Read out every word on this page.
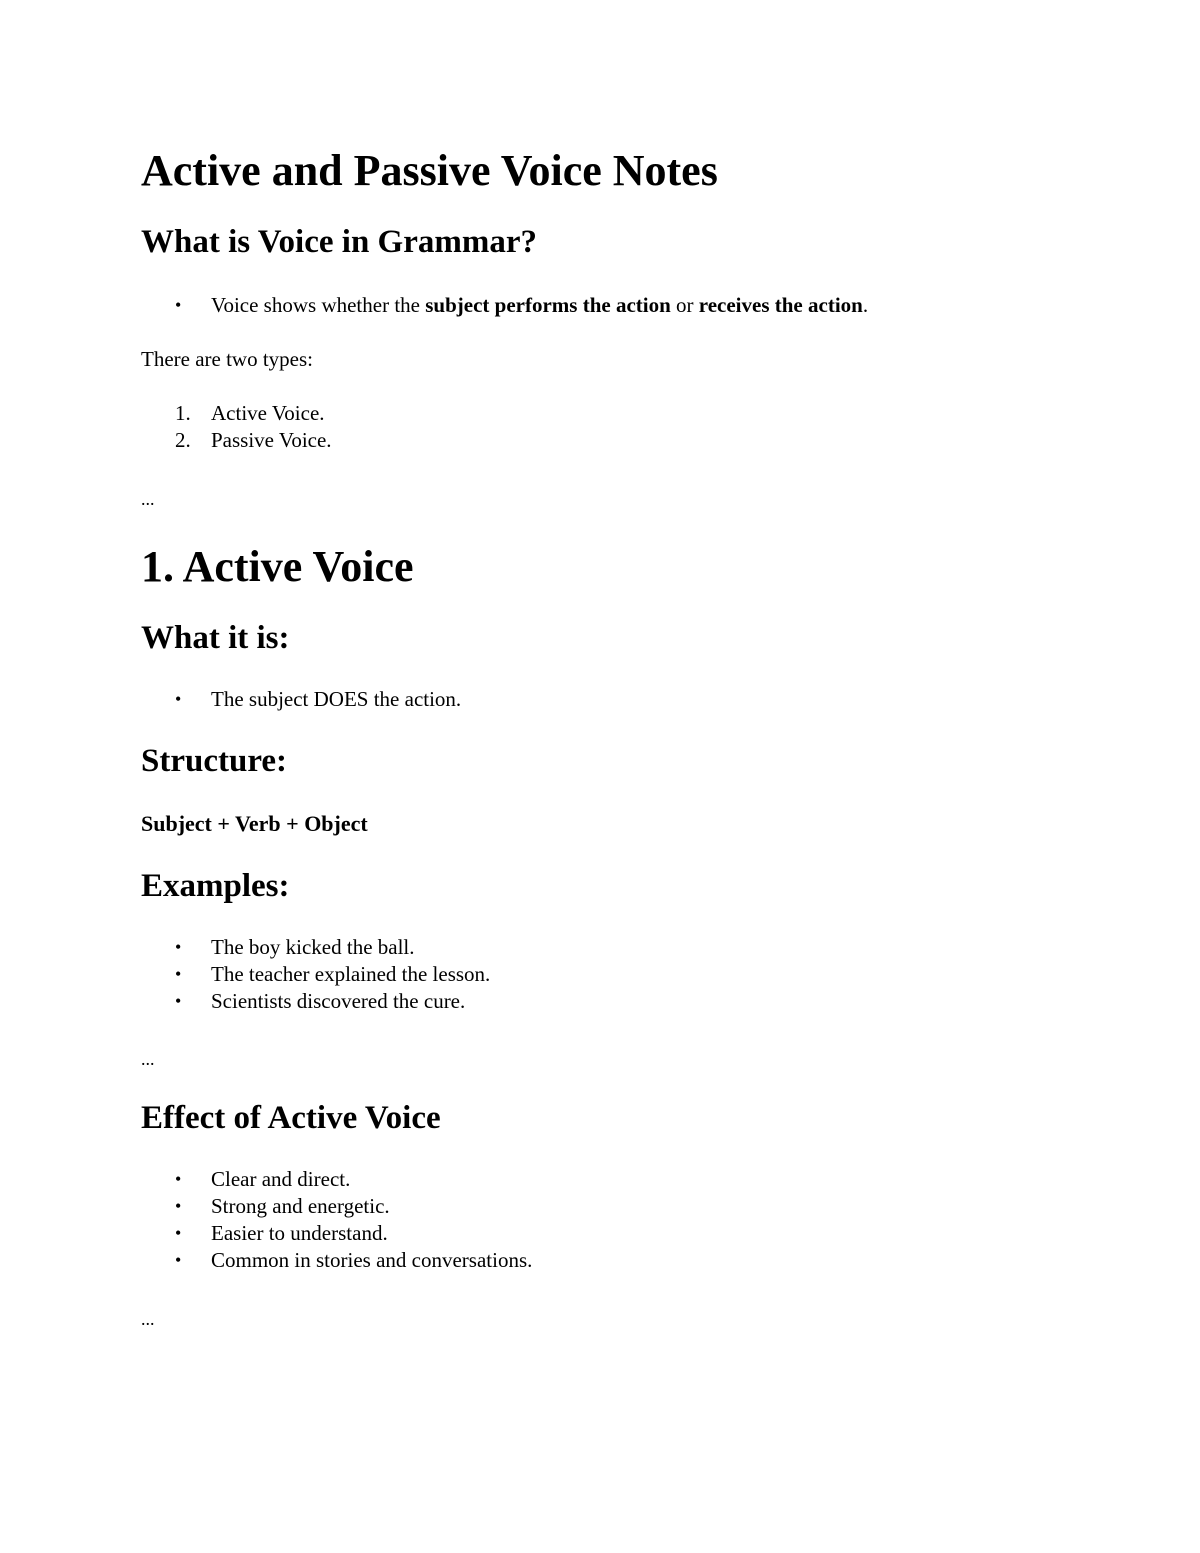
Active and Passive Voice Notes
What is Voice in Grammar?
• Voice shows whether the subject performs the action or receives the action.
There are two types:
1. Active Voice.
2. Passive Voice.
...
1. Active Voice
What it is:
• The subject DOES the action.
Structure:
Subject + Verb + Object
Examples:
• The boy kicked the ball.
• The teacher explained the lesson.
• Scientists discovered the cure.
...
Effect of Active Voice
• Clear and direct.
• Strong and energetic.
• Easier to understand.
• Common in stories and conversations.
...
